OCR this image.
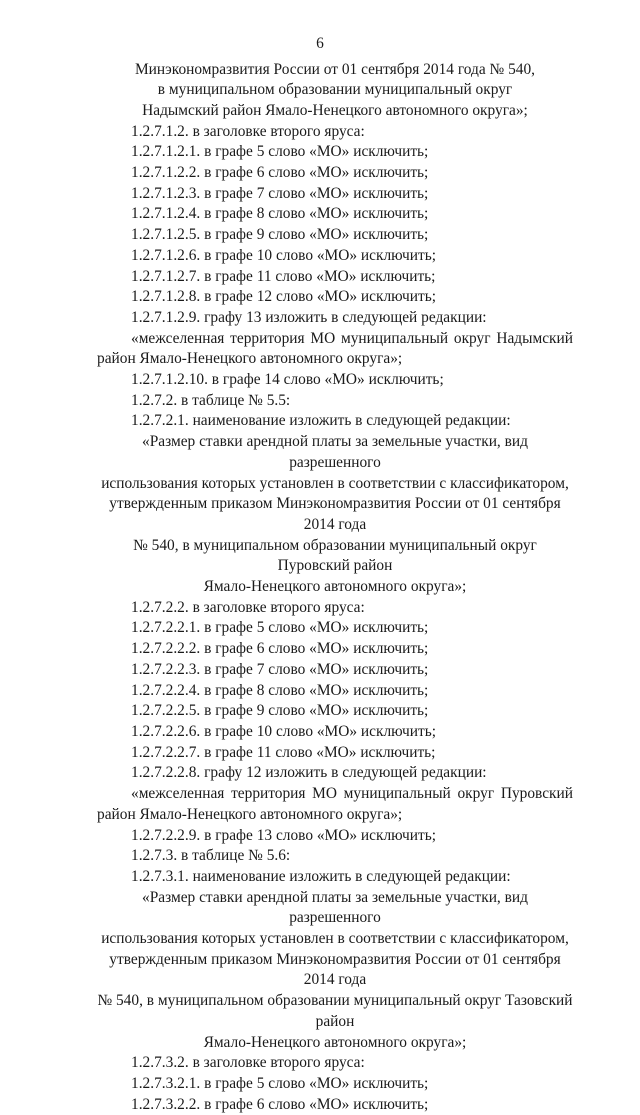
6
Минэкономразвития России от 01 сентября 2014 года № 540,
в муниципальном образовании муниципальный округ
Надымский район Ямало-Ненецкого автономного округа»;
1.2.7.1.2. в заголовке второго яруса:
1.2.7.1.2.1. в графе 5 слово «МО» исключить;
1.2.7.1.2.2. в графе 6 слово «МО» исключить;
1.2.7.1.2.3. в графе 7 слово «МО» исключить;
1.2.7.1.2.4. в графе 8 слово «МО» исключить;
1.2.7.1.2.5. в графе 9 слово «МО» исключить;
1.2.7.1.2.6. в графе 10 слово «МО» исключить;
1.2.7.1.2.7. в графе 11 слово «МО» исключить;
1.2.7.1.2.8. в графе 12 слово «МО» исключить;
1.2.7.1.2.9. графу 13 изложить в следующей редакции:
«межселенная территория МО муниципальный округ Надымский район Ямало-Ненецкого автономного округа»;
1.2.7.1.2.10. в графе 14 слово «МО» исключить;
1.2.7.2. в таблице № 5.5:
1.2.7.2.1. наименование изложить в следующей редакции:
«Размер ставки арендной платы за земельные участки, вид разрешенного
использования которых установлен в соответствии с классификатором,
утвержденным приказом Минэкономразвития России от 01 сентября 2014 года
№ 540, в муниципальном образовании муниципальный округ Пуровский район
Ямало-Ненецкого автономного округа»;
1.2.7.2.2. в заголовке второго яруса:
1.2.7.2.2.1. в графе 5 слово «МО» исключить;
1.2.7.2.2.2. в графе 6 слово «МО» исключить;
1.2.7.2.2.3. в графе 7 слово «МО» исключить;
1.2.7.2.2.4. в графе 8 слово «МО» исключить;
1.2.7.2.2.5. в графе 9 слово «МО» исключить;
1.2.7.2.2.6. в графе 10 слово «МО» исключить;
1.2.7.2.2.7. в графе 11 слово «МО» исключить;
1.2.7.2.2.8. графу 12 изложить в следующей редакции:
«межселенная территория МО муниципальный округ Пуровский район Ямало-Ненецкого автономного округа»;
1.2.7.2.2.9. в графе 13 слово «МО» исключить;
1.2.7.3. в таблице № 5.6:
1.2.7.3.1. наименование изложить в следующей редакции:
«Размер ставки арендной платы за земельные участки, вид разрешенного
использования которых установлен в соответствии с классификатором,
утвержденным приказом Минэкономразвития России от 01 сентября 2014 года
№ 540, в муниципальном образовании муниципальный округ Тазовский район
Ямало-Ненецкого автономного округа»;
1.2.7.3.2. в заголовке второго яруса:
1.2.7.3.2.1. в графе 5 слово «МО» исключить;
1.2.7.3.2.2. в графе 6 слово «МО» исключить;
